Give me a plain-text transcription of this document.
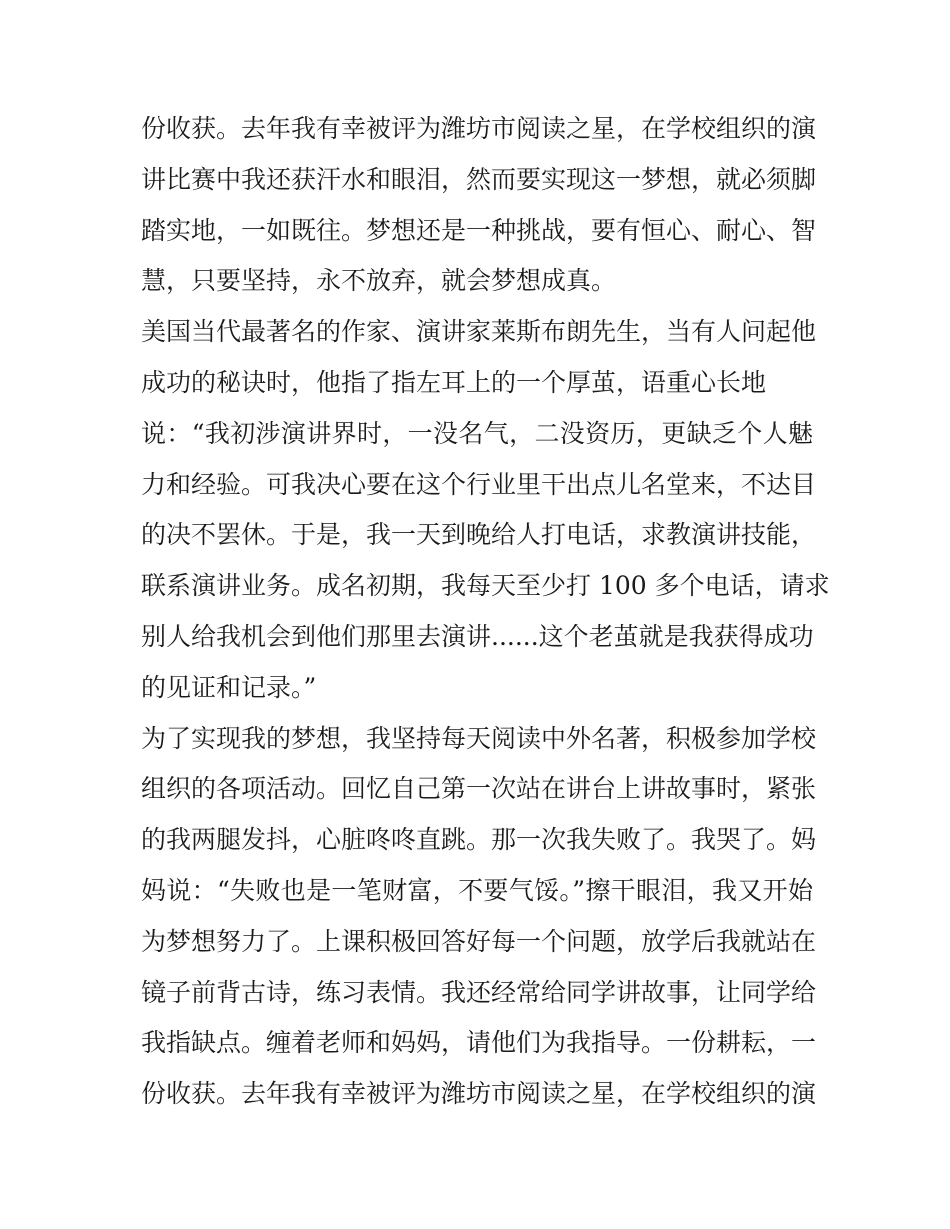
份收获。去年我有幸被评为潍坊市阅读之星，在学校组织的演
讲比赛中我还获汗水和眼泪，然而要实现这一梦想，就必须脚
踏实地，一如既往。梦想还是一种挑战，要有恒心、耐心、智
慧，只要坚持，永不放弃，就会梦想成真。
美国当代最著名的作家、演讲家莱斯布朗先生，当有人问起他
成功的秘诀时，他指了指左耳上的一个厚茧，语重心长地
说：“我初涉演讲界时，一没名气，二没资历，更缺乏个人魅
力和经验。可我决心要在这个行业里干出点儿名堂来，不达目
的决不罢休。于是，我一天到晚给人打电话，求教演讲技能，
联系演讲业务。成名初期，我每天至少打 100 多个电话，请求
别人给我机会到他们那里去演讲......这个老茧就是我获得成功
的见证和记录。”
为了实现我的梦想，我坚持每天阅读中外名著，积极参加学校
组织的各项活动。回忆自己第一次站在讲台上讲故事时，紧张
的我两腿发抖，心脏咚咚直跳。那一次我失败了。我哭了。妈
妈说：“失败也是一笔财富，不要气馁。”擦干眼泪，我又开始
为梦想努力了。上课积极回答好每一个问题，放学后我就站在
镜子前背古诗，练习表情。我还经常给同学讲故事，让同学给
我指缺点。缠着老师和妈妈，请他们为我指导。一份耕耘，一
份收获。去年我有幸被评为潍坊市阅读之星，在学校组织的演
